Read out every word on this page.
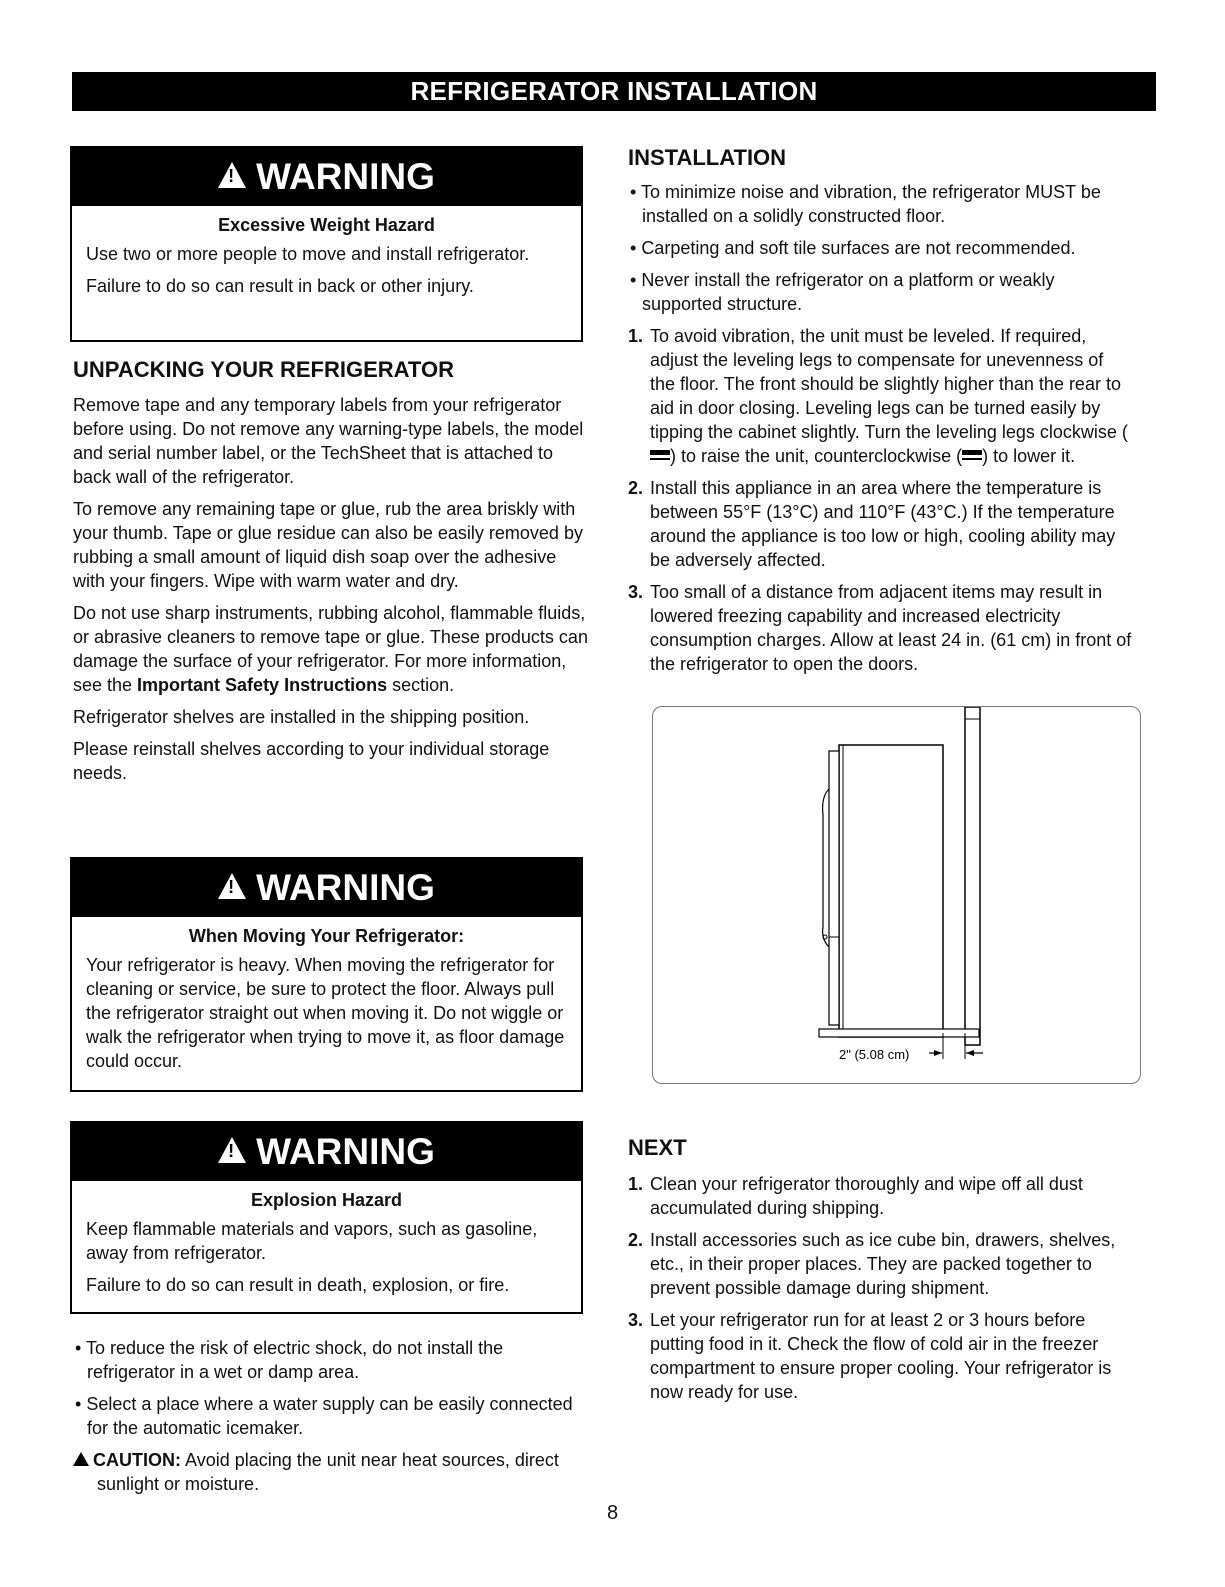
REFRIGERATOR INSTALLATION
!WARNING
Excessive Weight Hazard

Use two or more people to move and install refrigerator.

Failure to do so can result in back or other injury.

UNPACKING YOUR REFRIGERATOR

Remove tape and any temporary labels from your refrigerator before using. Do not remove any warning-type labels, the model and serial number label, or the TechSheet that is attached to back wall of the refrigerator.

To remove any remaining tape or glue, rub the area briskly with your thumb. Tape or glue residue can also be easily removed by rubbing a small amount of liquid dish soap over the adhesive with your fingers. Wipe with warm water and dry.

Do not use sharp instruments, rubbing alcohol, flammable fluids, or abrasive cleaners to remove tape or glue. These products can damage the surface of your refrigerator. For more information, see the Important Safety Instructions section.

Refrigerator shelves are installed in the shipping position.

Please reinstall shelves according to your individual storage needs.

!WARNING
When Moving Your Refrigerator:

Your refrigerator is heavy. When moving the refrigerator for cleaning or service, be sure to protect the floor. Always pull the refrigerator straight out when moving it. Do not wiggle or walk the refrigerator when trying to move it, as floor damage could occur.

!WARNING
Explosion Hazard

Keep flammable materials and vapors, such as gasoline, away from refrigerator.

Failure to do so can result in death, explosion, or fire.

• To reduce the risk of electric shock, do not install the refrigerator in a wet or damp area.
• Select a place where a water supply can be easily connected for the automatic icemaker.
CAUTION: Avoid placing the unit near heat sources, direct sunlight or moisture.
INSTALLATION
• To minimize noise and vibration, the refrigerator MUST be installed on a solidly constructed floor.
• Carpeting and soft tile surfaces are not recommended.
• Never install the refrigerator on a platform or weakly supported structure.
1. To avoid vibration, the unit must be leveled. If required, adjust the leveling legs to compensate for unevenness of the floor. The front should be slightly higher than the rear to aid in door closing. Leveling legs can be turned easily by tipping the cabinet slightly. Turn the leveling legs clockwise () to raise the unit, counterclockwise ( ) to lower it.
2. Install this appliance in an area where the temperature is between 55°F (13°C) and 110°F (43°C.) If the temperature around the appliance is too low or high, cooling ability may be adversely affected.
3. Too small of a distance from adjacent items may result in lowered freezing capability and increased electricity consumption charges. Allow at least 24 in. (61 cm) in front of the refrigerator to open the doors.
2" (5.08 cm)
NEXT
1. Clean your refrigerator thoroughly and wipe off all dust accumulated during shipping.
2. Install accessories such as ice cube bin, drawers, shelves, etc., in their proper places. They are packed together to prevent possible damage during shipment.
3. Let your refrigerator run for at least 2 or 3 hours before putting food in it. Check the flow of cold air in the freezer compartment to ensure proper cooling. Your refrigerator is now ready for use.
8
